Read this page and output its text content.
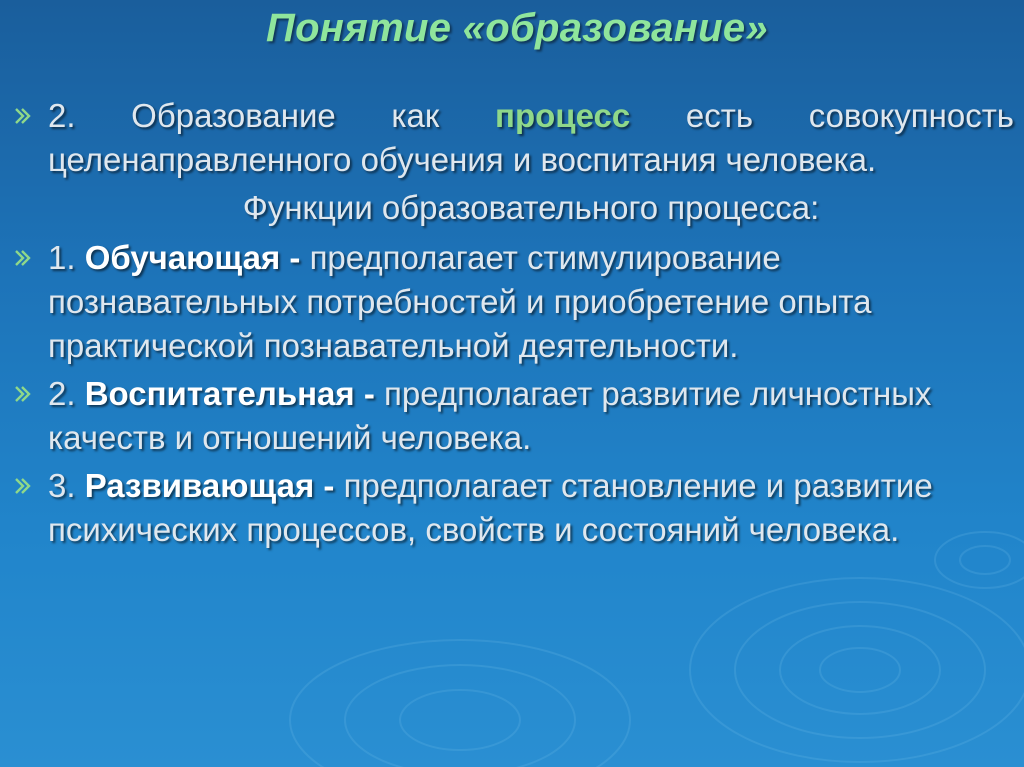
Понятие «образование»
2. Образование как процесс есть совокупность целенаправленного обучения и воспитания человека.
Функции образовательного процесса:
1. Обучающая - предполагает стимулирование познавательных потребностей и приобретение опыта практической познавательной деятельности.
2. Воспитательная - предполагает развитие личностных качеств и отношений человека.
3. Развивающая - предполагает становление и развитие психических процессов, свойств и состояний человека.
